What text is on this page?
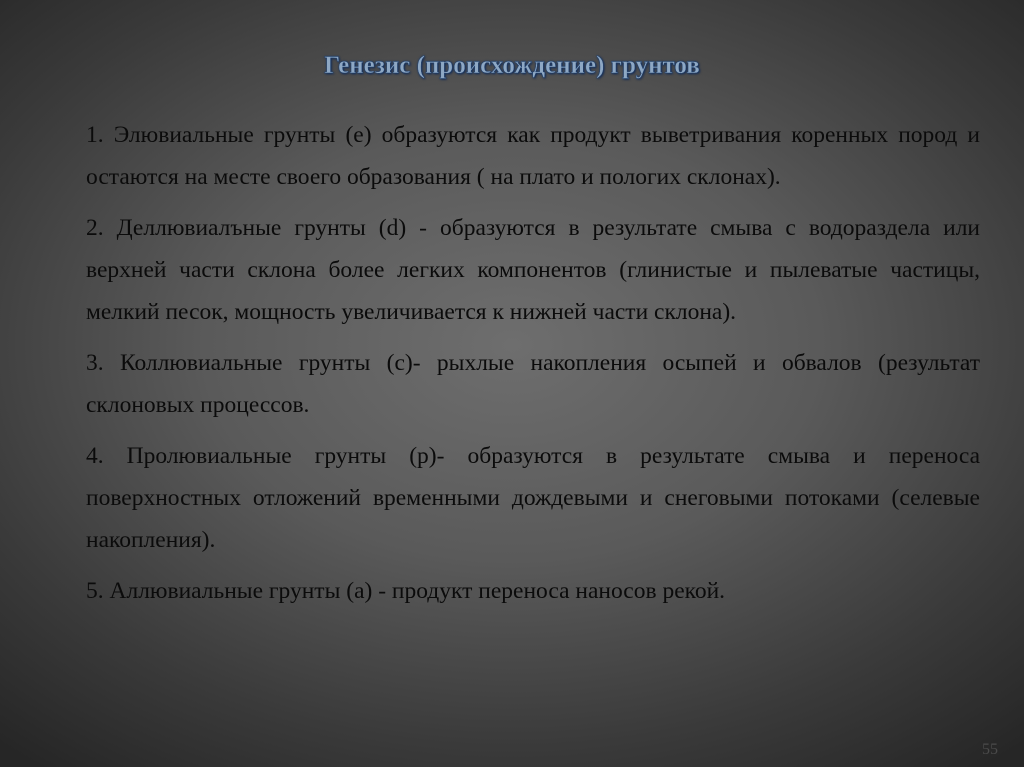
Генезис (происхождение) грунтов

1. Элювиальные грунты (е) образуются как продукт выветривания коренных пород и остаются на месте своего образования ( на плато и пологих склонах).

2. Деллювиалъные грунты (d) - образуются в результате смыва с водораздела или верхней части склона более легких компонентов (глинистые и пылеватые частицы, мелкий песок, мощность увеличивается к нижней части склона).

3. Коллювиальные грунты (с)- рыхлые накопления осыпей и обвалов (результат склоновых процессов.

4. Пролювиальные грунты (р)- образуются в результате смыва и переноса поверхностных отложений временными дождевыми и снеговыми потоками (селевые накопления).

5. Аллювиальные грунты (а) - продукт переноса наносов рекой.

55
